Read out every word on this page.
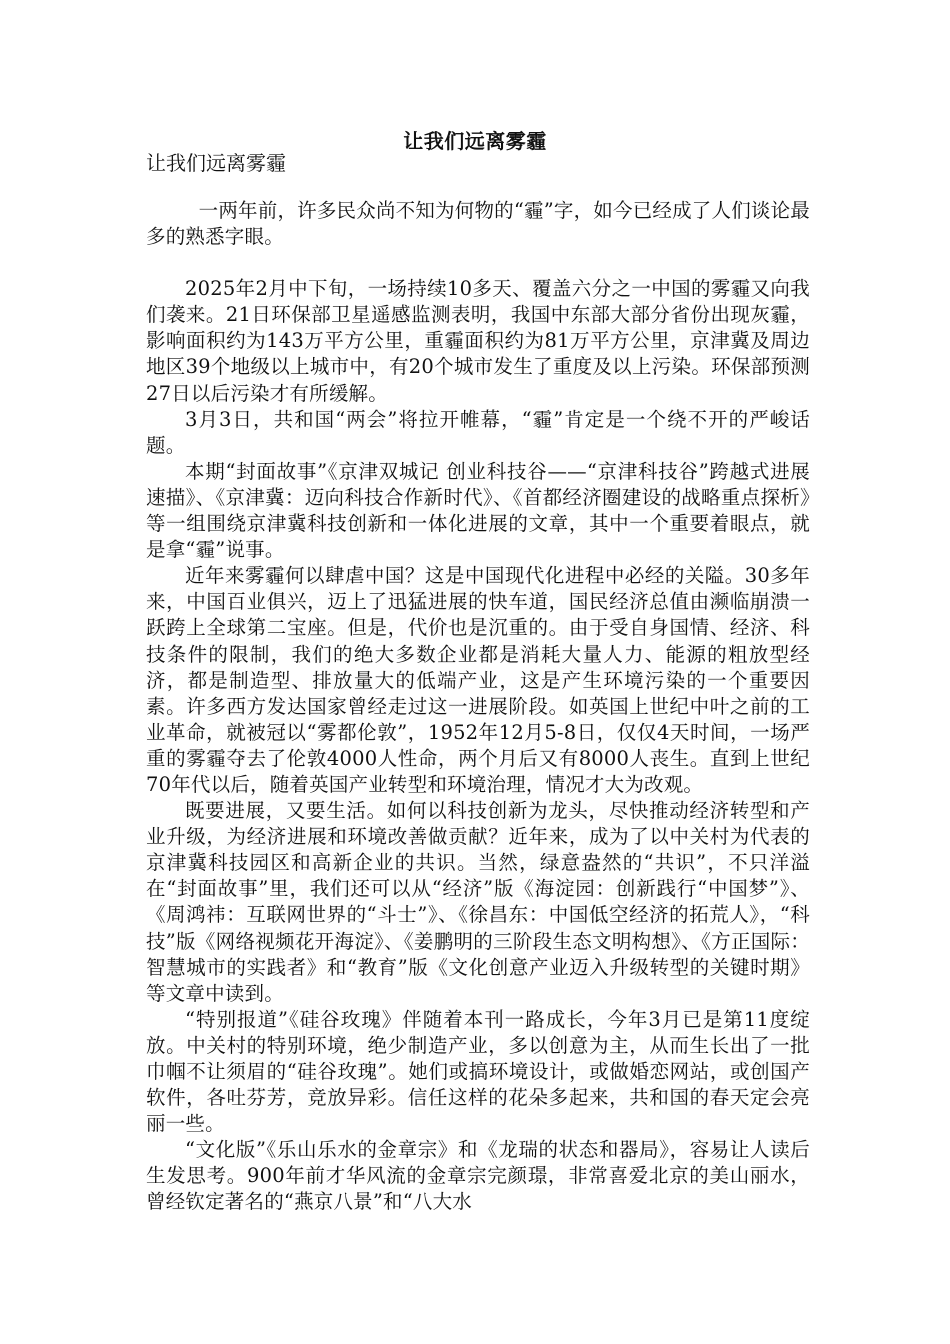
让我们远离雾霾
让我们远离雾霾

一两年前，许多民众尚不知为何物的“霾”字，如今已经成了人们谈论最多的熟悉字眼。

2025年2月中下旬，一场持续10多天、覆盖六分之一中国的雾霾又向我们袭来。21日环保部卫星遥感监测表明，我国中东部大部分省份出现灰霾，影响面积约为143万平方公里，重霾面积约为81万平方公里，京津冀及周边地区39个地级以上城市中，有20个城市发生了重度及以上污染。环保部预测27日以后污染才有所缓解。

3月3日，共和国“两会”将拉开帷幕，“霾”肯定是一个绕不开的严峻话题。

本期“封面故事”《京津双城记 创业科技谷——“京津科技谷”跨越式进展速描》、《京津冀：迈向科技合作新时代》、《首都经济圈建设的战略重点探析》等一组围绕京津冀科技创新和一体化进展的文章，其中一个重要着眼点，就是拿“霾”说事。

近年来雾霾何以肆虐中国？这是中国现代化进程中必经的关隘。30多年来，中国百业俱兴，迈上了迅猛进展的快车道，国民经济总值由濒临崩溃一跃跨上全球第二宝座。但是，代价也是沉重的。由于受自身国情、经济、科技条件的限制，我们的绝大多数企业都是消耗大量人力、能源的粗放型经济，都是制造型、排放量大的低端产业，这是产生环境污染的一个重要因素。许多西方发达国家曾经走过这一进展阶段。如英国上世纪中叶之前的工业革命，就被冠以“雾都伦敦”，1952年12月5-8日，仅仅4天时间，一场严重的雾霾夺去了伦敦4000人性命，两个月后又有8000人丧生。直到上世纪70年代以后，随着英国产业转型和环境治理，情况才大为改观。

既要进展，又要生活。如何以科技创新为龙头，尽快推动经济转型和产业升级，为经济进展和环境改善做贡献？近年来，成为了以中关村为代表的京津冀科技园区和高新企业的共识。当然，绿意盎然的“共识”，不只洋溢在“封面故事”里，我们还可以从“经济”版《海淀园：创新践行“中国梦”》、《周鸿祎：互联网世界的“斗士”》、《徐昌东：中国低空经济的拓荒人》，“科技”版《网络视频花开海淀》、《姜鹏明的三阶段生态文明构想》、《方正国际：智慧城市的实践者》和“教育”版《文化创意产业迈入升级转型的关键时期》等文章中读到。

“特别报道”《硅谷玫瑰》伴随着本刊一路成长，今年3月已是第11度绽放。中关村的特别环境，绝少制造产业，多以创意为主，从而生长出了一批巾帼不让须眉的“硅谷玫瑰”。她们或搞环境设计，或做婚恋网站，或创国产软件，各吐芬芳，竞放异彩。信任这样的花朵多起来，共和国的春天定会亮丽一些。

“文化版”《乐山乐水的金章宗》和《龙瑞的状态和器局》，容易让人读后生发思考。900年前才华风流的金章宗完颜璟，非常喜爱北京的美山丽水，曾经钦定著名的“燕京八景”和“八大水
